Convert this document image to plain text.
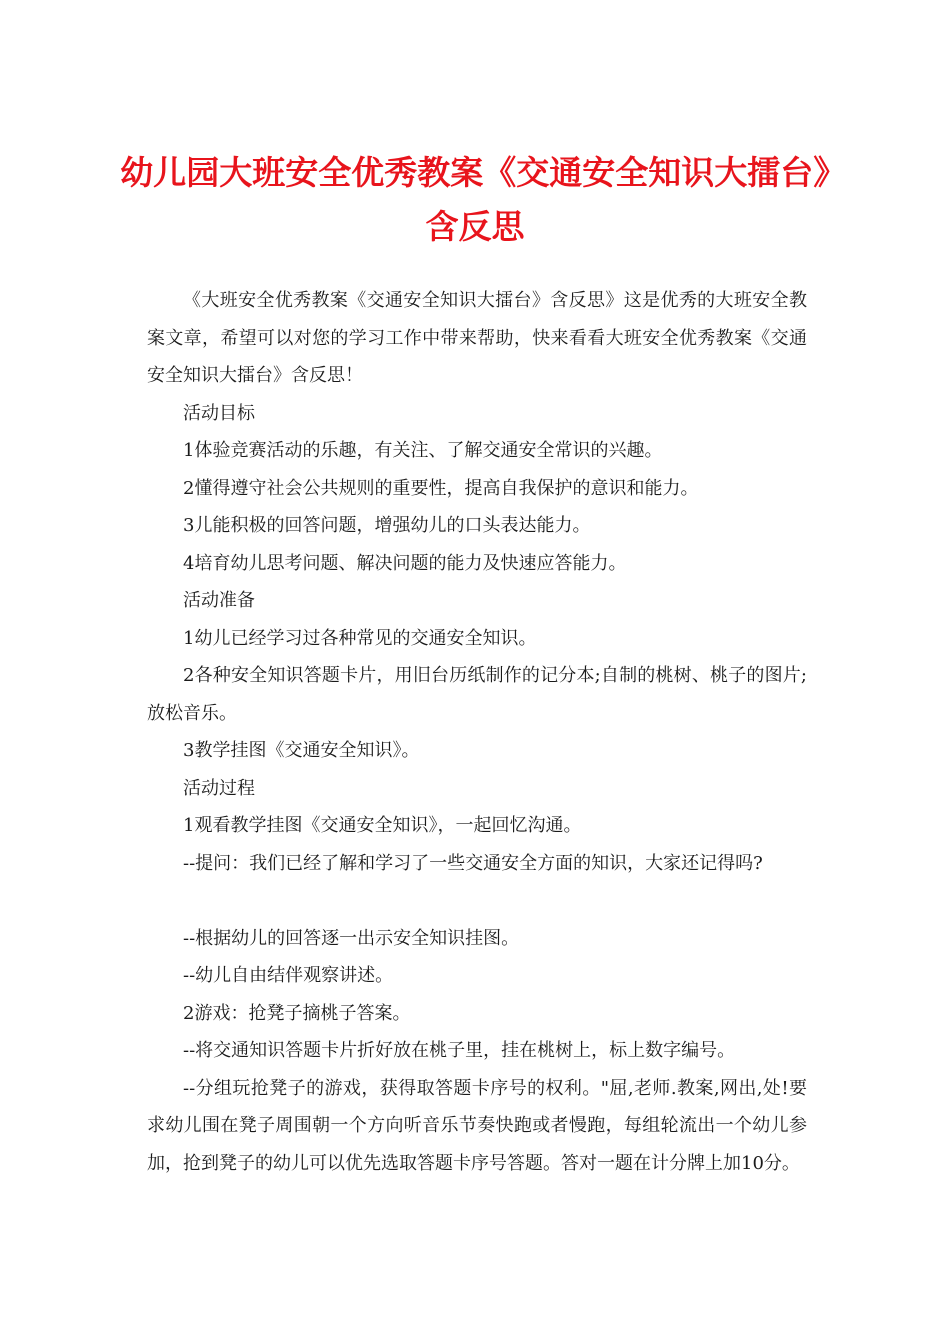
幼儿园大班安全优秀教案《交通安全知识大擂台》含反思

《大班安全优秀教案《交通安全知识大擂台》含反思》这是优秀的大班安全教案文章，希望可以对您的学习工作中带来帮助，快来看看大班安全优秀教案《交通安全知识大擂台》含反思！

活动目标

1体验竞赛活动的乐趣，有关注、了解交通安全常识的兴趣。

2懂得遵守社会公共规则的重要性，提高自我保护的意识和能力。

3儿能积极的回答问题，增强幼儿的口头表达能力。

4培育幼儿思考问题、解决问题的能力及快速应答能力。

活动准备

1幼儿已经学习过各种常见的交通安全知识。

2各种安全知识答题卡片，用旧台历纸制作的记分本;自制的桃树、桃子的图片;放松音乐。

3教学挂图《交通安全知识》。

活动过程

1观看教学挂图《交通安全知识》，一起回忆沟通。

--提问：我们已经了解和学习了一些交通安全方面的知识，大家还记得吗?

--根据幼儿的回答逐一出示安全知识挂图。

--幼儿自由结伴观察讲述。

2游戏：抢凳子摘桃子答案。

--将交通知识答题卡片折好放在桃子里，挂在桃树上，标上数字编号。

--分组玩抢凳子的游戏，获得取答题卡序号的权利。"屈,老师.教案,网出,处!要求幼儿围在凳子周围朝一个方向听音乐节奏快跑或者慢跑，每组轮流出一个幼儿参加，抢到凳子的幼儿可以优先选取答题卡序号答题。答对一题在计分牌上加10分。
